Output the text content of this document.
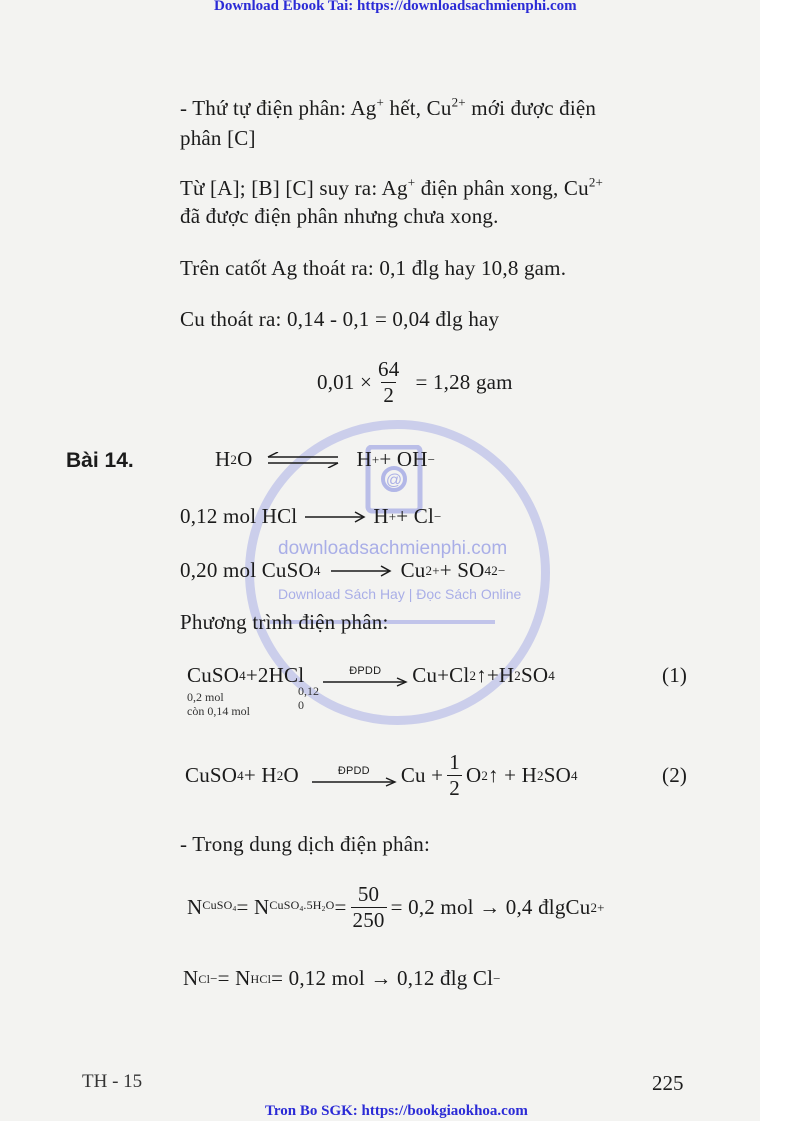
Download Ebook Tai: https://downloadsachmienphi.com
@
downloadsachmienphi.com
Download Sách Hay | Đọc Sách Online
- Thứ tự điện phân: Ag+ hết, $Cu^{2+}$ mới được điện
phân [C]
Từ [A]; [B] [C] suy ra: Ag+ điện phân xong, $Cu^{2+}$
đã được điện phân nhưng chưa xong.
Trên catốt Ag thoát ra: 0,1 đlg hay 10,8 gam.
Cu thoát ra: 0,14 - 0,1 = 0,04 đlg hay
$0,01 \times \frac{64}{2} = 1,28$ gam
Bài 14.	H 2 O ⇌ H + + OH −
0,12 mol HCl	H + + Cl −
0,20 mol CuSO 4	Cu 2+ + SO 4 2−
Phương trình điện phân:
CuSO 4 +2HCl	ĐPDD Cu+Cl 2 ↑+H 2 SO 4	(1)
0,2 mol
còn 0,14 mol
0,12
0
CuSO 4 + H 2 O	ĐPDD $Cu + \frac{1}{2}$ O 2 ↑ + H 2 SO 4	(2)
- Trong dung dịch điện phân:
N CuSO$_4$ = N $CuSO_4.5H_2O = \frac{50}{250} = 0,2$ mol → 0,4 đlgCu 2+
N Cl − = N HCl = 0,12 mol → 0,12 đlg Cl −
TH - 15	225
Tron Bo SGK: https://bookgiaokhoa.com
